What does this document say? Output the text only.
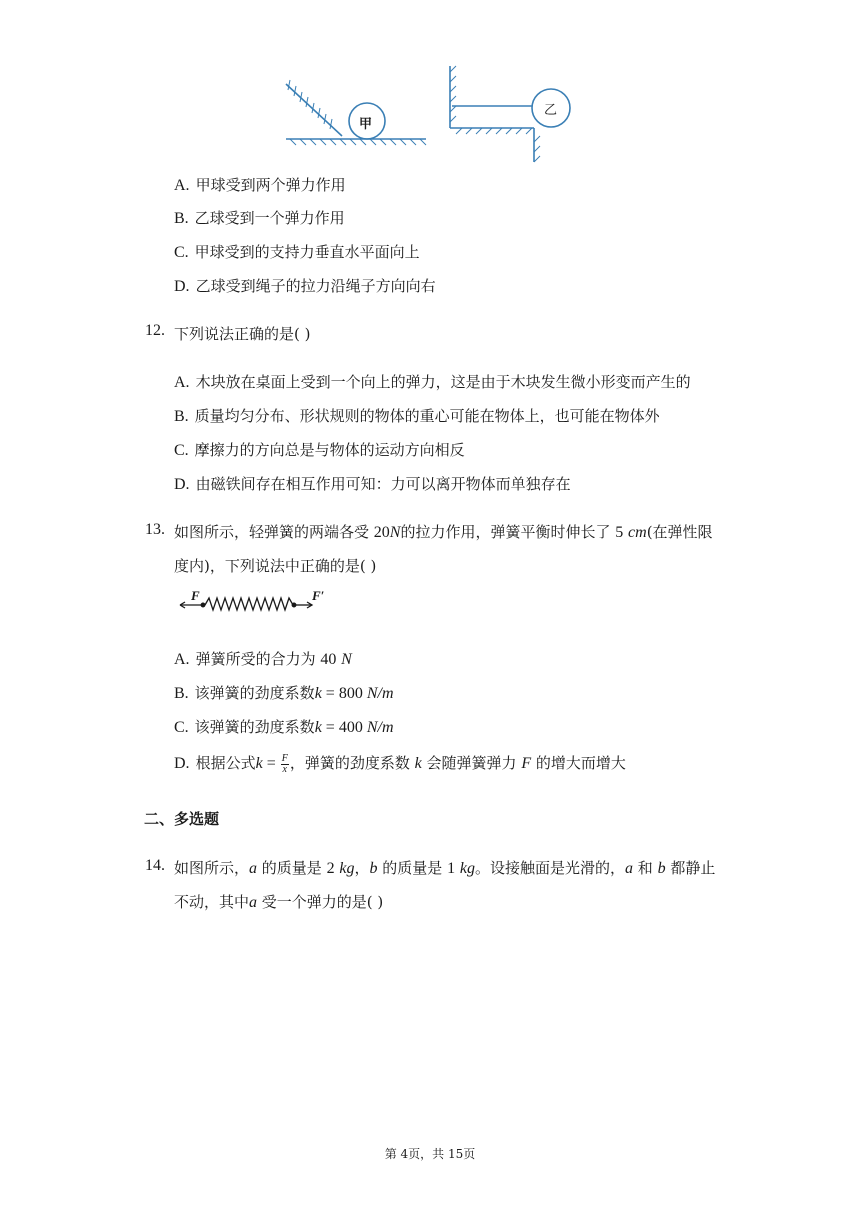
甲
乙
A. 甲球受到两个弹力作用
B. 乙球受到一个弹力作用
C. 甲球受到的支持力垂直水平面向上
D. 乙球受到绳子的拉力沿绳子方向向右
12. 下列说法正确的是( )
A. 木块放在桌面上受到一个向上的弹力，这是由于木块发生微小形变而产生的
B. 质量均匀分布、形状规则的物体的重心可能在物体上，也可能在物体外
C. 摩擦力的方向总是与物体的运动方向相反
D. 由磁铁间存在相互作用可知：力可以离开物体而单独存在
13. 如图所示，轻弹簧的两端各受 20N的拉力作用，弹簧平衡时伸长了 5 cm(在弹性限
度内)，下列说法中正确的是( )
F	F′
A. 弹簧所受的合力为 40 N
B. 该弹簧的劲度系数k = 800 N/m
C. 该弹簧的劲度系数k = 400 N/m
D. 根据公式$k = \frac{F}{x}$ ，弹簧的劲度系数 k 会随弹簧弹力 F 的增大而增大
二、多选题
14. 如图所示，a 的质量是 2 kg，b 的质量是 1 kg。设接触面是光滑的，a 和 b 都静止
不动，其中a 受一个弹力的是( )
第 4页，共 15页
